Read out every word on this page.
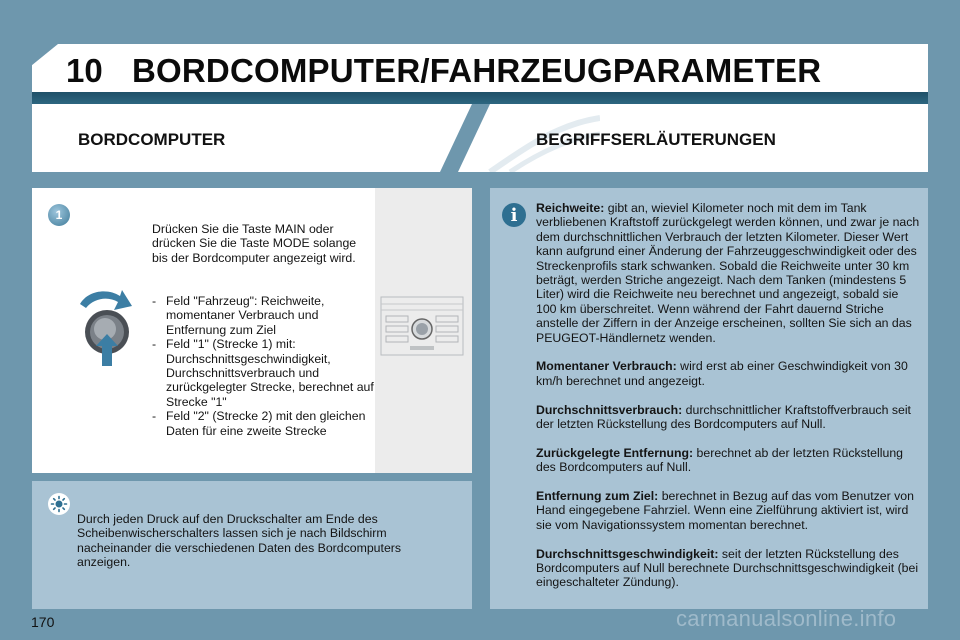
10 BORDCOMPUTER/FAHRZEUGPARAMETER
BORDCOMPUTER	BEGRIFFSERLÄUTERUNGEN
1
Drücken Sie die Taste MAIN oder drücken Sie die Taste MODE solange bis der Bordcomputer angezeigt wird.
- Feld "Fahrzeug": Reichweite, momentaner Verbrauch und Entfernung zum Ziel
- Feld "1" (Strecke 1) mit: Durchschnittsgeschwindigkeit, Durchschnittsverbrauch und zurückgelegter Strecke, berechnet auf Strecke "1"
- Feld "2" (Strecke 2) mit den gleichen Daten für eine zweite Strecke
Durch jeden Druck auf den Druckschalter am Ende des Scheibenwischerschalters lassen sich je nach Bildschirm nacheinander die verschiedenen Daten des Bordcomputers anzeigen.
i	Reichweite: gibt an, wieviel Kilometer noch mit dem im Tank verbliebenen Kraftstoff zurückgelegt werden können, und zwar je nach dem durchschnittlichen Verbrauch der letzten Kilometer. Dieser Wert kann aufgrund einer Änderung der Fahrzeuggeschwindigkeit oder des Streckenprofils stark schwanken. Sobald die Reichweite unter 30 km beträgt, werden Striche angezeigt. Nach dem Tanken (mindestens 5 Liter) wird die Reichweite neu berechnet und angezeigt, sobald sie 100 km überschreitet. Wenn während der Fahrt dauernd Striche anstelle der Ziffern in der Anzeige erscheinen, sollten Sie sich an das PEUGEOT-Händlernetz wenden.
Momentaner Verbrauch: wird erst ab einer Geschwindigkeit von 30 km/h berechnet und angezeigt.
Durchschnittsverbrauch: durchschnittlicher Kraftstoffverbrauch seit der letzten Rückstellung des Bordcomputers auf Null.
Zurückgelegte Entfernung: berechnet ab der letzten Rückstellung des Bordcomputers auf Null.
Entfernung zum Ziel: berechnet in Bezug auf das vom Benutzer von Hand eingegebene Fahrziel. Wenn eine Zielführung aktiviert ist, wird sie vom Navigationssystem momentan berechnet.
Durchschnittsgeschwindigkeit: seit der letzten Rückstellung des Bordcomputers auf Null berechnete Durchschnittsgeschwindigkeit (bei eingeschalteter Zündung).
170	carmanualsonline.info
